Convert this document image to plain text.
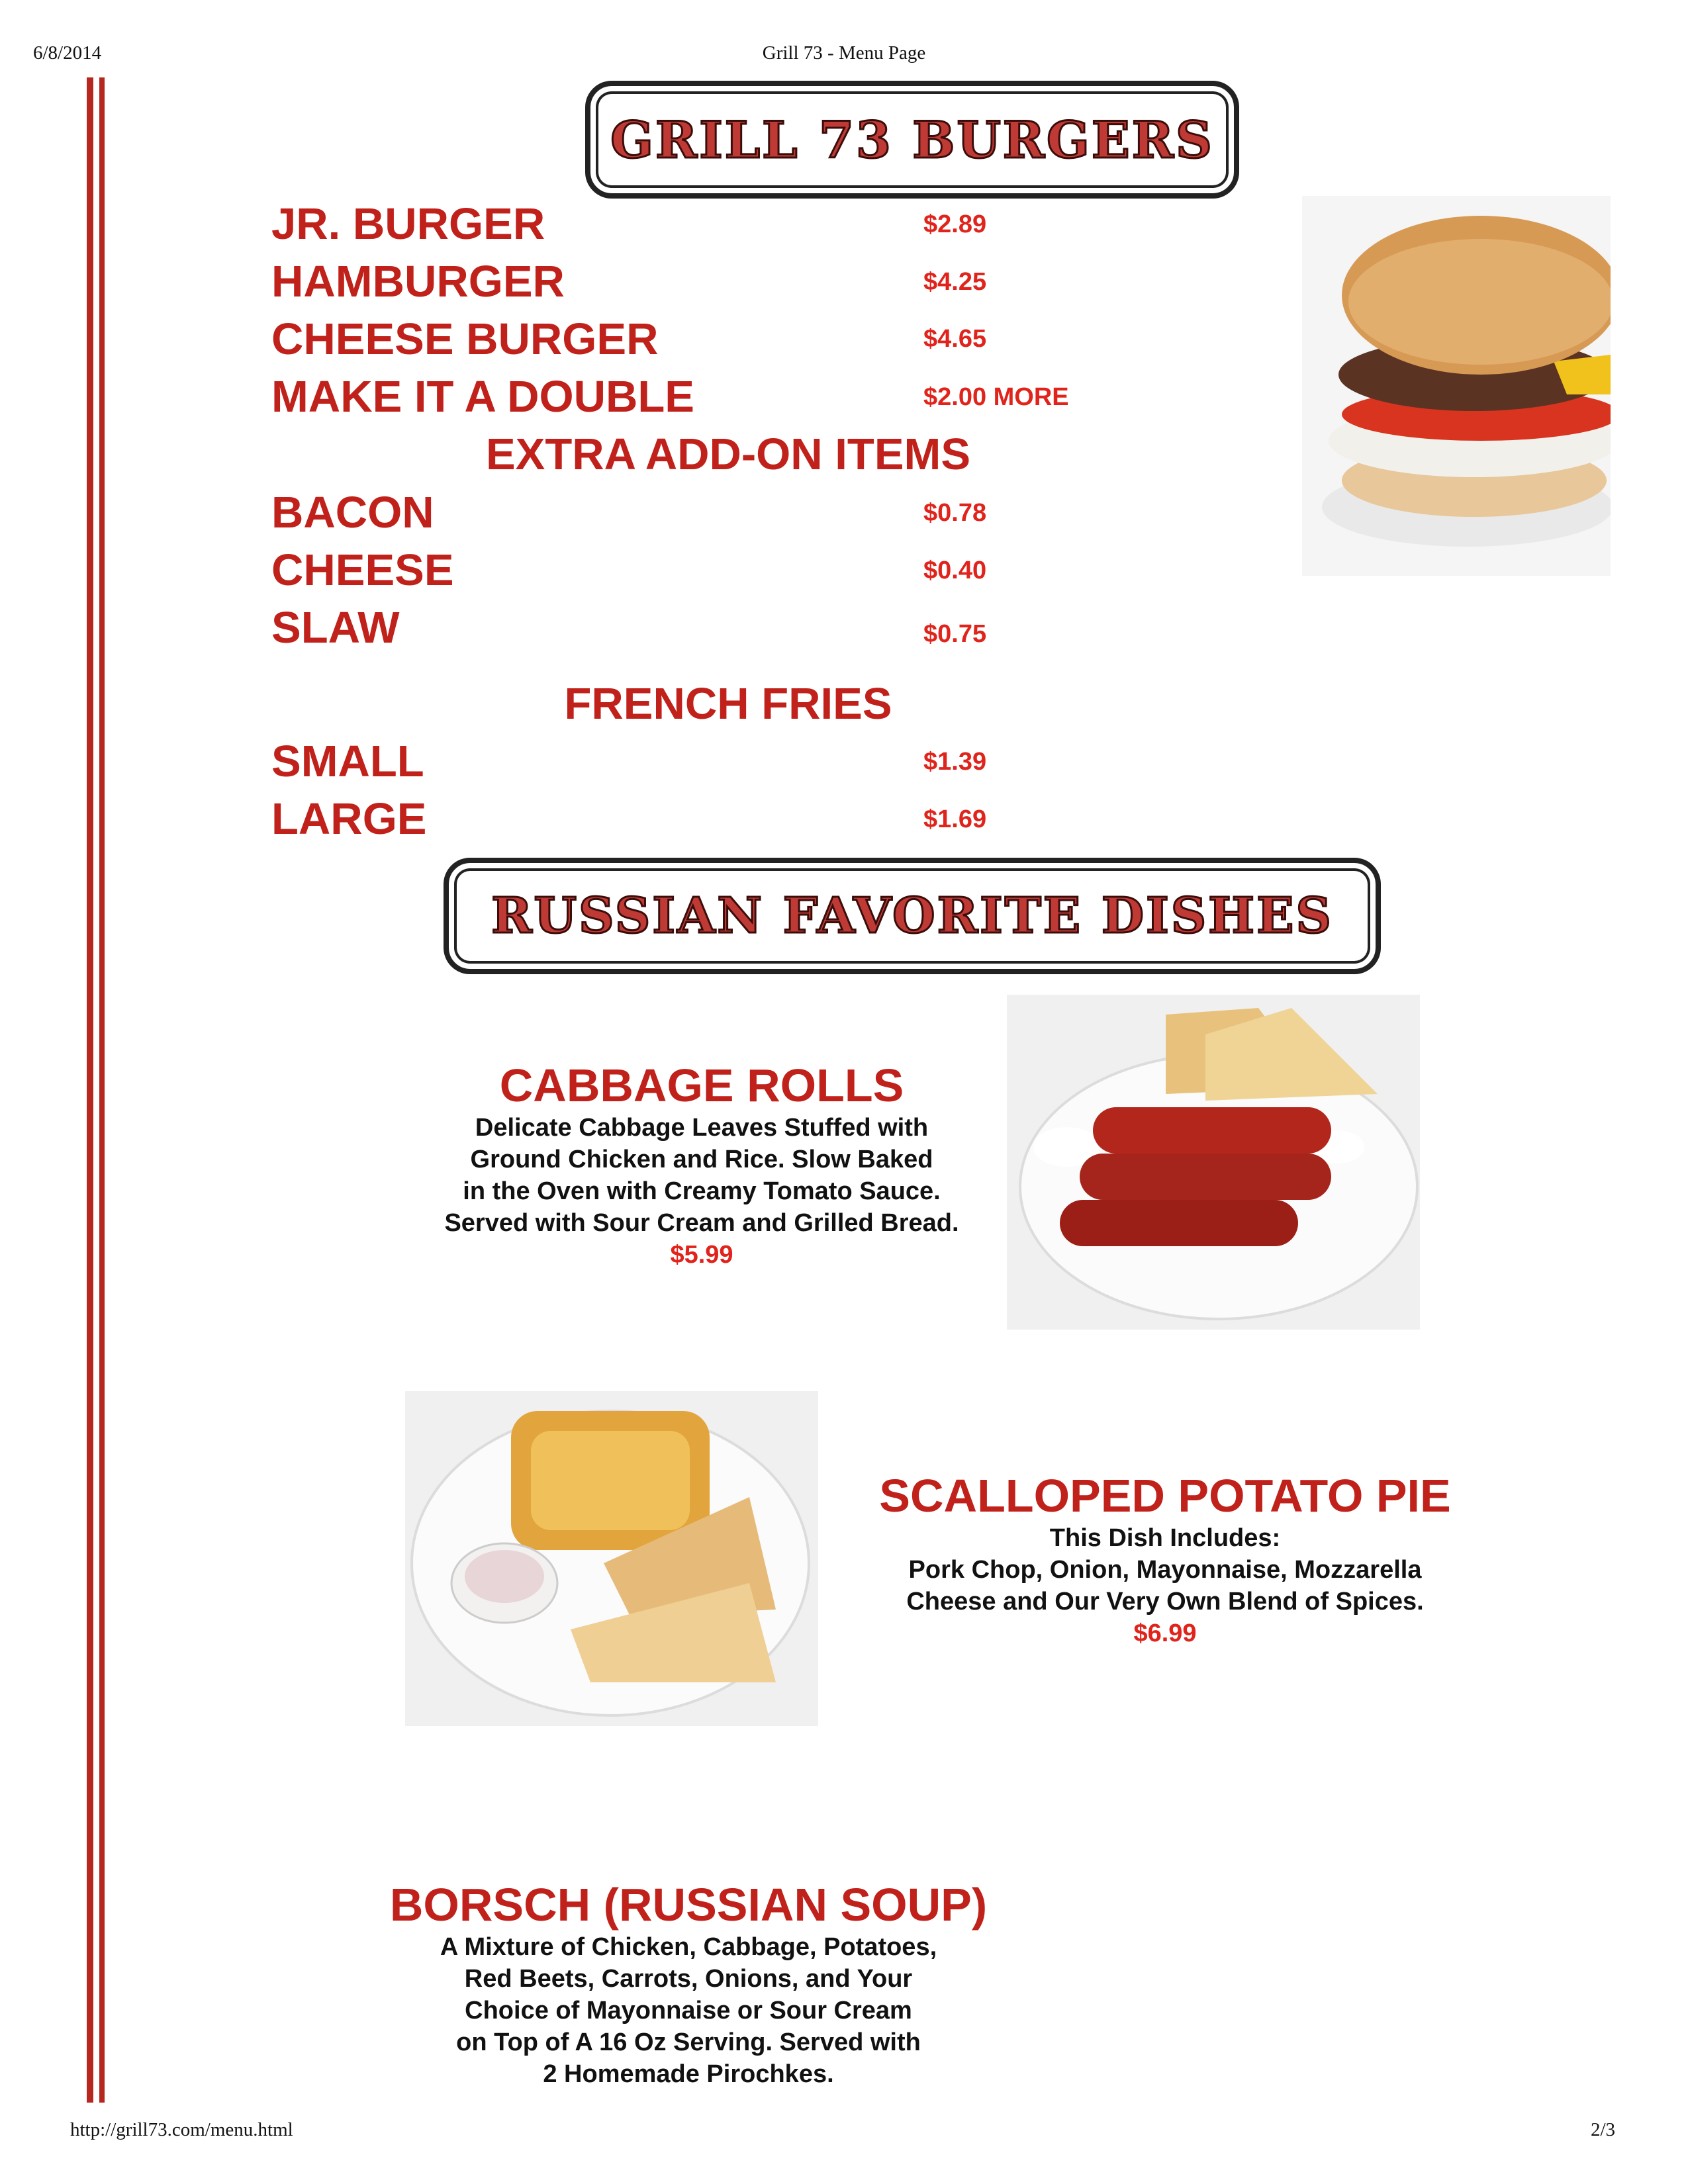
6/8/2014	Grill 73 - Menu Page
GRILL 73 BURGERS
JR. BURGER	$2.89
HAMBURGER	$4.25
CHEESE BURGER	$4.65
MAKE IT A DOUBLE	$2.00 MORE
EXTRA ADD-ON ITEMS
BACON	$0.78
CHEESE	$0.40
SLAW	$0.75
FRENCH FRIES
SMALL	$1.39
LARGE	$1.69
RUSSIAN FAVORITE DISHES
CABBAGE ROLLS
Delicate Cabbage Leaves Stuffed with
Ground Chicken and Rice. Slow Baked
in the Oven with Creamy Tomato Sauce.
Served with Sour Cream and Grilled Bread.
$5.99
SCALLOPED POTATO PIE
This Dish Includes:
Pork Chop, Onion, Mayonnaise, Mozzarella
Cheese and Our Very Own Blend of Spices.
$6.99
BORSCH (RUSSIAN SOUP)
A Mixture of Chicken, Cabbage, Potatoes,
Red Beets, Carrots, Onions, and Your
Choice of Mayonnaise or Sour Cream
on Top of A 16 Oz Serving. Served with
2 Homemade Pirochkes.
http://grill73.com/menu.html	2/3
